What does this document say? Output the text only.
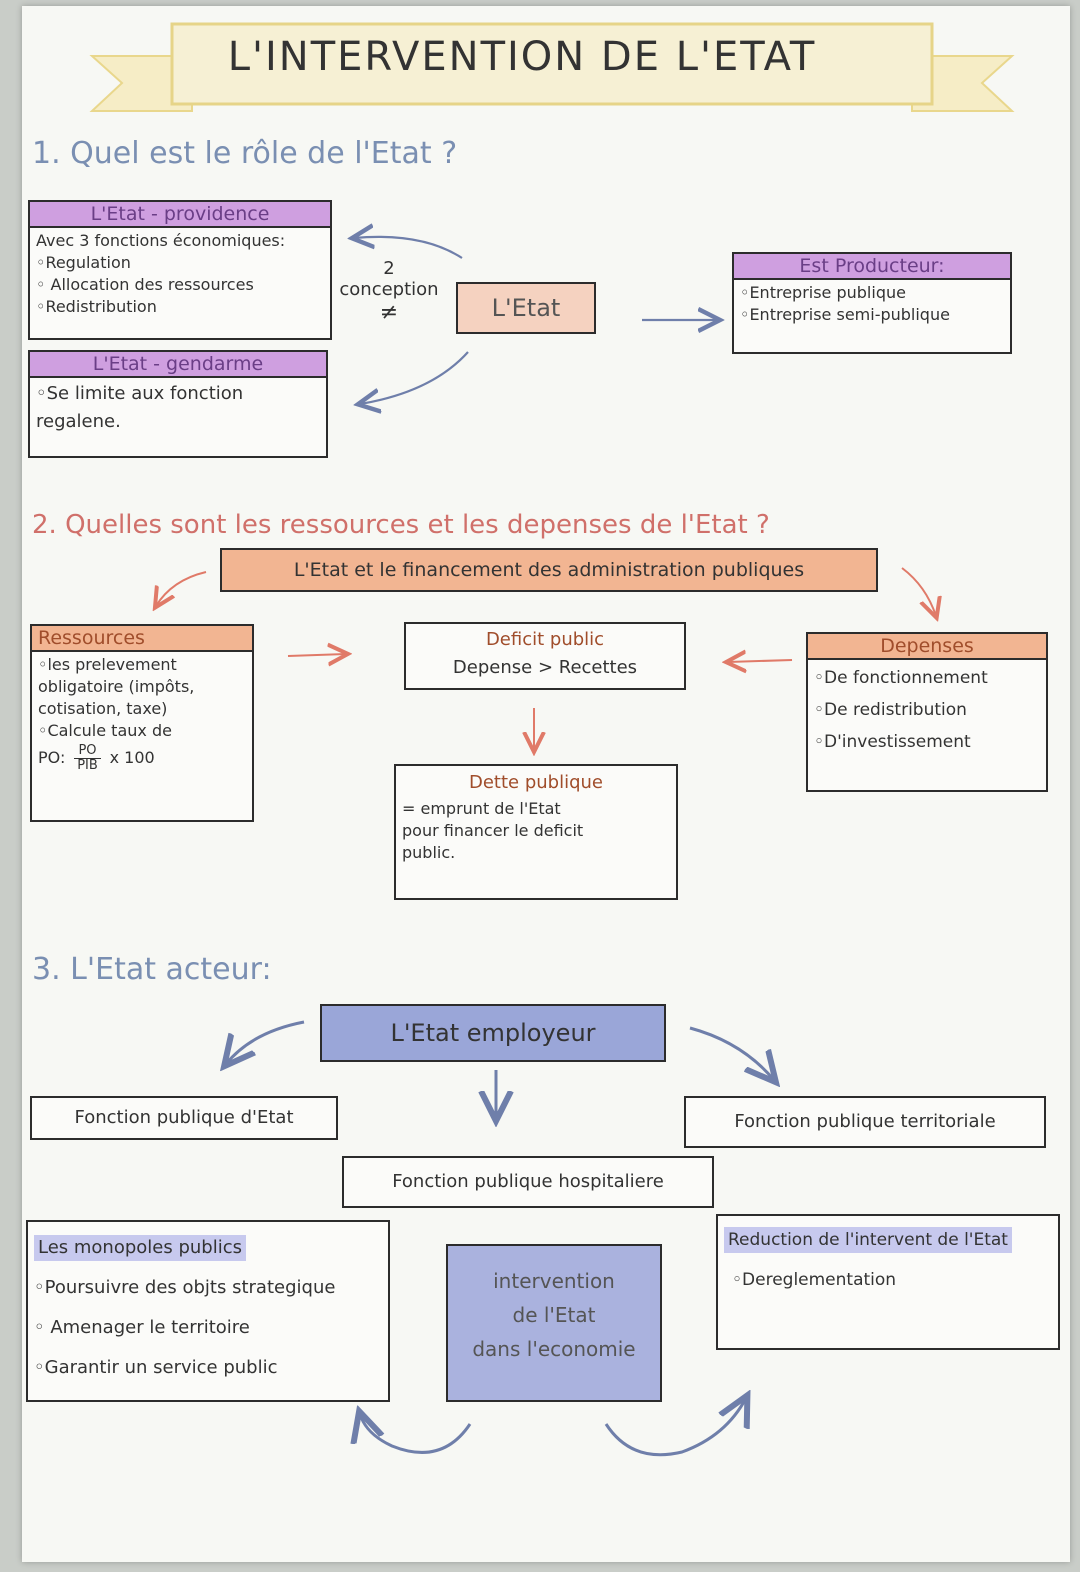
L'INTERVENTION DE L'ETAT
1. Quel est le rôle de l'Etat ?
L'Etat - providence
Avec 3 fonctions économiques:
◦Regulation
◦ Allocation des ressources
◦Redistribution
L'Etat - gendarme
◦Se limite aux fonction
regalene.
2
conception
≠	L'Etat
Est Producteur:
◦Entreprise publique
◦Entreprise semi-publique
2. Quelles sont les ressources et les depenses de l'Etat ?
L'Etat et le financement des administration publiques
Ressources
◦les prelevement
obligatoire (impôts,
cotisation, taxe)
◦Calcule taux de
PO:	PO
PIB x 100
Deficit public
Depense > Recettes
Dette publique
= emprunt de l'Etat
pour financer le deficit
public.
Depenses
◦De fonctionnement
◦De redistribution
◦D'investissement
3. L'Etat acteur:
L'Etat employeur
Fonction publique d'Etat
Fonction publique hospitaliere
Fonction publique territoriale
Les monopoles publics
◦Poursuivre des objts strategique
◦ Amenager le territoire
◦Garantir un service public
intervention
de l'Etat
dans l'economie
Reduction de l'intervent de l'Etat
◦Dereglementation
